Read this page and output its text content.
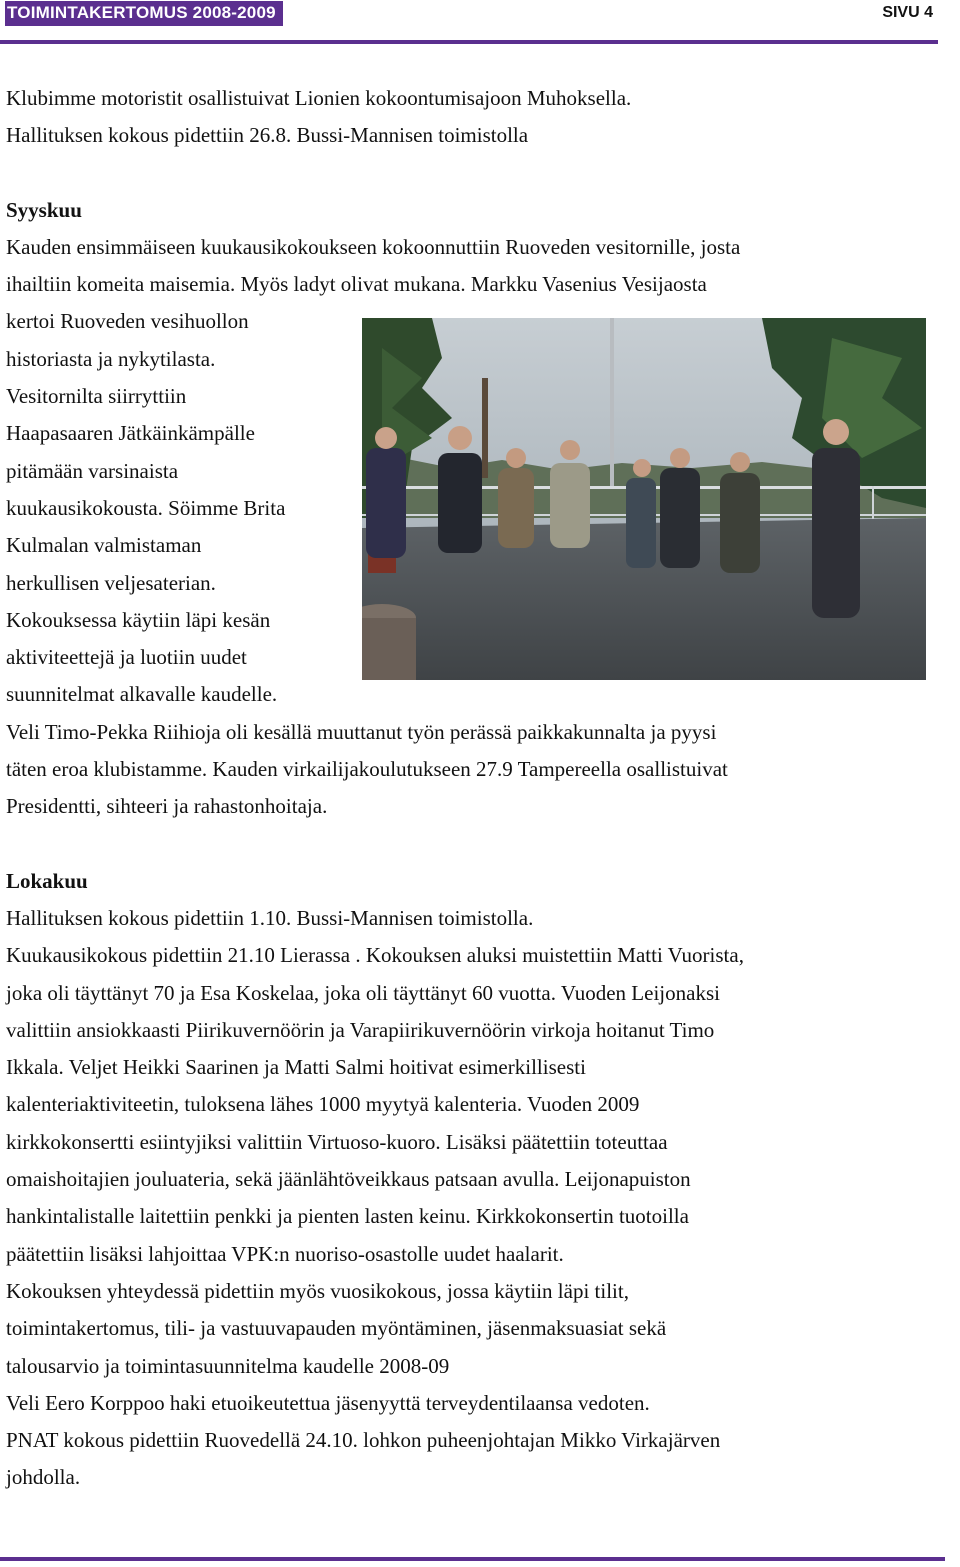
TOIMINTAKERTOMUS 2008-2009	SIVU 4

Klubimme motoristit osallistuivat Lionien kokoontumisajoon Muhoksella.

Hallituksen kokous pidettiin 26.8. Bussi-Mannisen toimistolla

Syyskuu

Kauden ensimmäiseen kuukausikokoukseen kokoonnuttiin Ruoveden vesitornille, josta

ihailtiin komeita maisemia. Myös ladyt olivat mukana. Markku Vasenius Vesijaosta

kertoi Ruoveden vesihuollon

historiasta ja nykytilasta.

Vesitornilta siirryttiin

Haapasaaren Jätkäinkämpälle

pitämään varsinaista

kuukausikokousta. Söimme Brita

Kulmalan valmistaman

herkullisen veljesaterian.

Kokouksessa käytiin läpi kesän

aktiviteettejä ja luotiin uudet

suunnitelmat alkavalle kaudelle.

Veli Timo-Pekka Riihioja oli kesällä muuttanut työn perässä paikkakunnalta ja pyysi

täten eroa klubistamme. Kauden virkailijakoulutukseen 27.9 Tampereella osallistuivat

Presidentti, sihteeri ja rahastonhoitaja.

Lokakuu

Hallituksen kokous pidettiin 1.10. Bussi-Mannisen toimistolla.

Kuukausikokous pidettiin 21.10 Lierassa . Kokouksen aluksi muistettiin Matti Vuorista,

joka oli täyttänyt 70 ja Esa Koskelaa, joka oli täyttänyt 60 vuotta. Vuoden Leijonaksi

valittiin ansiokkaasti Piirikuvernöörin ja Varapiirikuvernöörin virkoja hoitanut Timo

Ikkala. Veljet Heikki Saarinen ja Matti Salmi hoitivat esimerkillisesti

kalenteriaktiviteetin, tuloksena lähes 1000 myytyä kalenteria. Vuoden 2009

kirkkokonsertti esiintyjiksi valittiin Virtuoso-kuoro. Lisäksi päätettiin toteuttaa

omaishoitajien jouluateria, sekä jäänlähtöveikkaus patsaan avulla. Leijonapuiston

hankintalistalle laitettiin penkki ja pienten lasten keinu. Kirkkokonsertin tuotoilla

päätettiin lisäksi lahjoittaa VPK:n nuoriso-osastolle uudet haalarit.

Kokouksen yhteydessä pidettiin myös vuosikokous, jossa käytiin läpi tilit,

toimintakertomus, tili- ja vastuuvapauden myöntäminen, jäsenmaksuasiat sekä

talousarvio ja toimintasuunnitelma kaudelle 2008-09

Veli Eero Korppoo haki etuoikeutettua jäsenyyttä terveydentilaansa vedoten.

PNAT kokous pidettiin Ruovedellä 24.10. lohkon puheenjohtajan Mikko Virkajärven

johdolla.
